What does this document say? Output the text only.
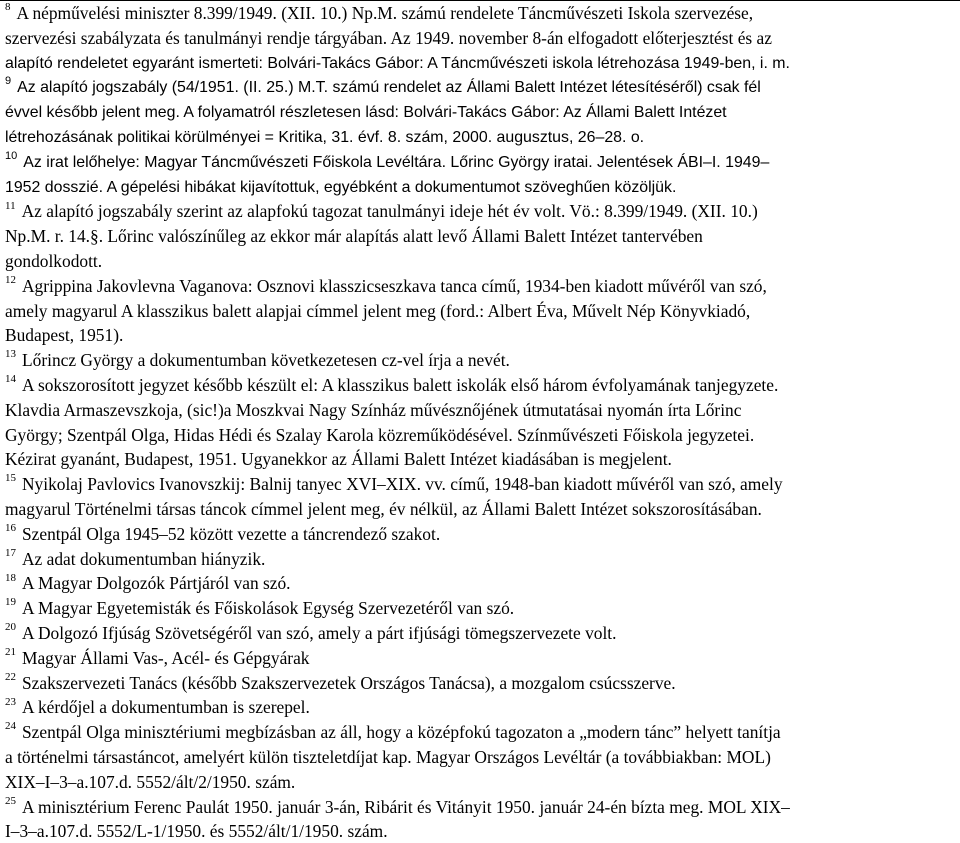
$^8$ A népművelési miniszter 8.399/1949. (XII. 10.) Np.M. számú rendelete Táncművészeti Iskola szervezése,
szervezési szabályzata és tanulmányi rendje tárgyában. Az 1949. november 8-án elfogadott előterjesztést és az
alapító rendeletet egyaránt ismerteti: Bolvári-Takács Gábor: A Táncművészeti iskola létrehozása 1949-ben, i. m.
$^9$ Az alapító jogszabály (54/1951. (II. 25.) M.T. számú rendelet az Állami Balett Intézet létesítéséről) csak fél
évvel később jelent meg. A folyamatról részletesen lásd: Bolvári-Takács Gábor: Az Állami Balett Intézet
létrehozásának politikai körülményei = Kritika, 31. évf. 8. szám, 2000. augusztus, 26–28. o.
$^{10}$ Az irat lelőhelye: Magyar Táncművészeti Főiskola Levéltára. Lőrinc György iratai. Jelentések ÁBI–I. 1949–
1952 dosszié. A gépelési hibákat kijavítottuk, egyébként a dokumentumot szöveghűen közöljük.
$^{11}$ Az alapító jogszabály szerint az alapfokú tagozat tanulmányi ideje hét év volt. Vö.: 8.399/1949. (XII. 10.)
Np.M. r. 14.§. Lőrinc valószínűleg az ekkor már alapítás alatt levő Állami Balett Intézet tantervében
gondolkodott.
$^{12}$ Agrippina Jakovlevna Vaganova: Osznovi klasszicseszkava tanca című, 1934-ben kiadott művéről van szó,
amely magyarul A klasszikus balett alapjai címmel jelent meg (ford.: Albert Éva, Művelt Nép Könyvkiadó,
Budapest, 1951).
$^{13}$ Lőrincz György a dokumentumban következetesen cz-vel írja a nevét.
$^{14}$ A sokszorosított jegyzet később készült el: A klasszikus balett iskolák első három évfolyamának tanjegyzete.
Klavdia Armaszevszkoja, (sic!)a Moszkvai Nagy Színház művésznőjének útmutatásai nyomán írta Lőrinc
György; Szentpál Olga, Hidas Hédi és Szalay Karola közreműködésével. Színművészeti Főiskola jegyzetei.
Kézirat gyanánt, Budapest, 1951. Ugyanekkor az Állami Balett Intézet kiadásában is megjelent.
$^{15}$ Nyikolaj Pavlovics Ivanovszkij: Balnij tanyec XVI–XIX. vv. című, 1948-ban kiadott művéről van szó, amely
magyarul Történelmi társas táncok címmel jelent meg, év nélkül, az Állami Balett Intézet sokszorosításában.
$^{16}$ Szentpál Olga 1945–52 között vezette a táncrendező szakot.
$^{17}$ Az adat dokumentumban hiányzik.
$^{18}$ A Magyar Dolgozók Pártjáról van szó.
$^{19}$ A Magyar Egyetemisták és Főiskolások Egység Szervezetéről van szó.
$^{20}$ A Dolgozó Ifjúság Szövetségéről van szó, amely a párt ifjúsági tömegszervezete volt.
$^{21}$ Magyar Állami Vas-, Acél- és Gépgyárak
$^{22}$ Szakszervezeti Tanács (később Szakszervezetek Országos Tanácsa), a mozgalom csúcsszerve.
$^{23}$ A kérdőjel a dokumentumban is szerepel.
$^{24}$ Szentpál Olga minisztériumi megbízásban az áll, hogy a középfokú tagozaton a „modern tánc” helyett tanítja
a történelmi társastáncot, amelyért külön tiszteletdíjat kap. Magyar Országos Levéltár (a továbbiakban: MOL)
XIX–I–3–a.107.d. 5552/ált/2/1950. szám.
$^{25}$ A minisztérium Ferenc Paulát 1950. január 3-án, Ribárit és Vitányit 1950. január 24-én bízta meg. MOL XIX–
I–3–a.107.d. 5552/L-1/1950. és 5552/ált/1/1950. szám.
